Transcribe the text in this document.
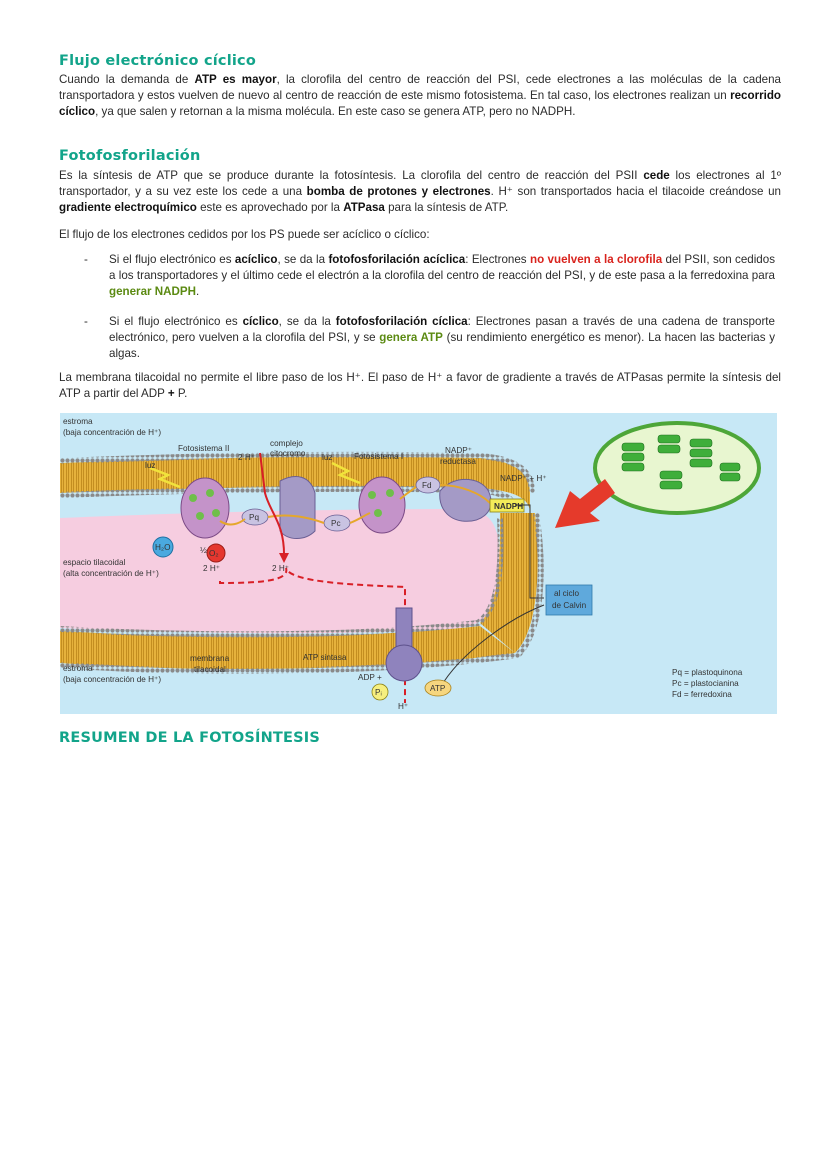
Flujo electrónico cíclico

Cuando la demanda de ATP es mayor, la clorofila del centro de reacción del PSI, cede electrones a las moléculas de la cadena transportadora y estos vuelven de nuevo al centro de reacción de este mismo fotosistema. En tal caso, los electrones realizan un recorrido cíclico, ya que salen y retornan a la misma molécula. En este caso se genera ATP, pero no NADPH.

Fotofosforilación

Es la síntesis de ATP que se produce durante la fotosíntesis. La clorofila del centro de reacción del PSII cede los electrones al 1º transportador, y a su vez este los cede a una bomba de protones y electrones. H⁺ son transportados hacia el tilacoide creándose un gradiente electroquímico este es aprovechado por la ATPasa para la síntesis de ATP.

El flujo de los electrones cedidos por los PS puede ser acíclico o cíclico:

- Si el flujo electrónico es acíclico, se da la fotofosforilación acíclica: Electrones no vuelven a la clorofila del PSII, son cedidos a los transportadores y el último cede el electrón a la clorofila del centro de reacción del PSI, y de este pasa a la ferredoxina para generar NADPH.

- Si el flujo electrónico es cíclico, se da la fotofosforilación cíclica: Electrones pasan a través de una cadena de transporte electrónico, pero vuelven a la clorofila del PSI, y se genera ATP (su rendimiento energético es menor). La hacen las bacterias y algas.

La membrana tilacoidal no permite el libre paso de los H⁺. El paso de H⁺ a favor de gradiente a través de ATPasas permite la síntesis del ATP a partir del ADP + P.

Pq
Pc
Fd
H₂O
O₂
½
NADPH
al ciclo
de Calvin
Pᵢ	ATP
estroma
(baja concentración de H⁺)
Fotosistema II
luz
2 H⁺
complejo
citocromo luz	Fotosistema I
NADP⁺
reductasa
NADP⁺ + H⁺
2 H⁺	2 H⁺
espacio tilacoidal
(alta concentración de H⁺)
membrana
tilacoidal
ATP sintasa
estroma
(baja concentración de H⁺)	ADP +
H⁺
Pq = plastoquinona
Pc = plastocianina
Fd = ferredoxina
RESUMEN DE LA FOTOSÍNTESIS
